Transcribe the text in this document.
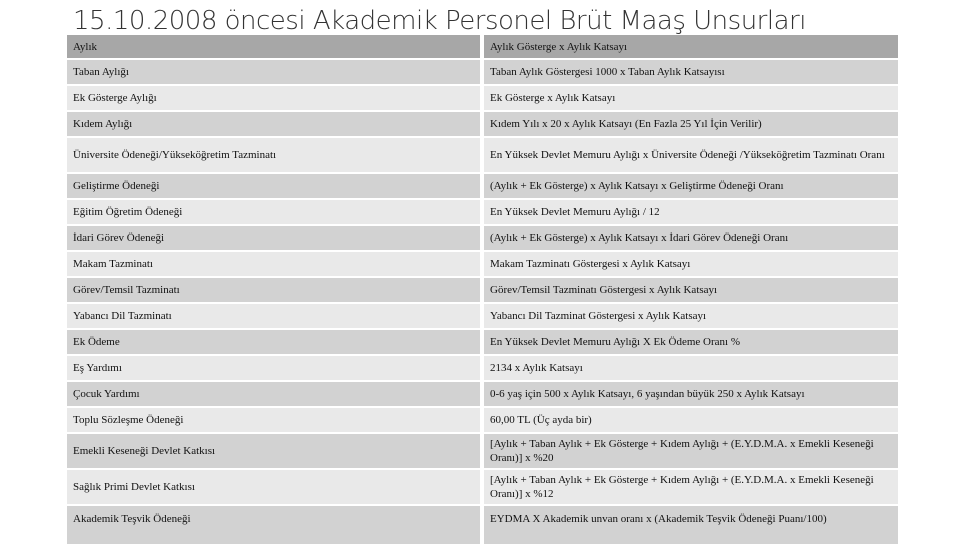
15.10.2008 öncesi Akademik Personel Brüt Maaş Unsurları
Aylık	Aylık Gösterge x Aylık Katsayı
Taban Aylığı	Taban Aylık Göstergesi 1000 x Taban Aylık Katsayısı
Ek Gösterge Aylığı	Ek Gösterge x Aylık Katsayı
Kıdem Aylığı	Kıdem Yılı x 20 x Aylık Katsayı (En Fazla 25 Yıl İçin Verilir)
Üniversite Ödeneği/Yükseköğretim Tazminatı	En Yüksek Devlet Memuru Aylığı x Üniversite Ödeneği /Yükseköğretim Tazminatı Oranı
Geliştirme Ödeneği	(Aylık + Ek Gösterge) x Aylık Katsayı x Geliştirme Ödeneği Oranı
Eğitim Öğretim Ödeneği	En Yüksek Devlet Memuru Aylığı / 12
İdari Görev Ödeneği	(Aylık + Ek Gösterge) x Aylık Katsayı x İdari Görev Ödeneği Oranı
Makam Tazminatı	Makam Tazminatı Göstergesi x Aylık Katsayı
Görev/Temsil Tazminatı	Görev/Temsil Tazminatı Göstergesi x Aylık Katsayı
Yabancı Dil Tazminatı	Yabancı Dil Tazminat Göstergesi x Aylık Katsayı
Ek Ödeme	En Yüksek Devlet Memuru Aylığı X Ek Ödeme Oranı %
Eş Yardımı	2134 x Aylık Katsayı
Çocuk Yardımı	0-6 yaş için 500 x Aylık Katsayı, 6 yaşından büyük 250 x Aylık Katsayı
Toplu Sözleşme Ödeneği	60,00 TL (Üç ayda bir)
Emekli Keseneği Devlet Katkısı	[Aylık + Taban Aylık + Ek Gösterge + Kıdem Aylığı + (E.Y.D.M.A. x Emekli Keseneği Oranı)] x %20
Sağlık Primi Devlet Katkısı	[Aylık + Taban Aylık + Ek Gösterge + Kıdem Aylığı + (E.Y.D.M.A. x Emekli Keseneği Oranı)] x %12
Akademik Teşvik Ödeneği	EYDMA X Akademik unvan oranı x (Akademik Teşvik Ödeneği Puanı/100)
